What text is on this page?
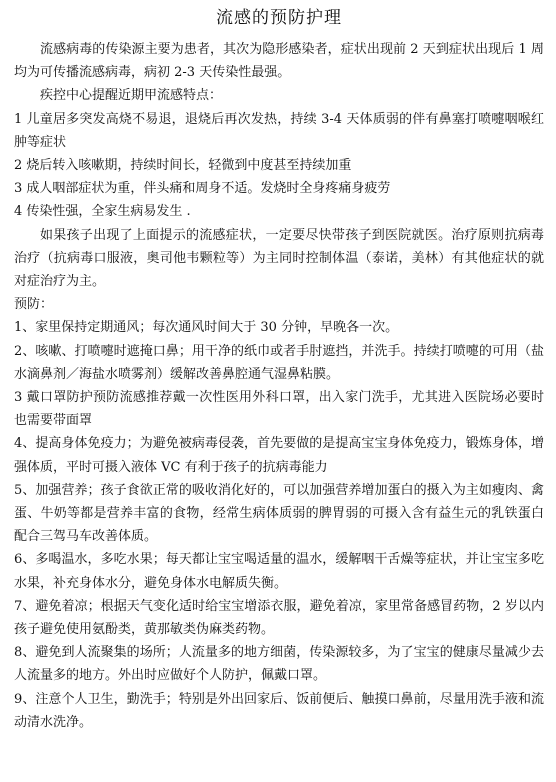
流感的预防护理

流感病毒的传染源主要为患者，其次为隐形感染者，症状出现前 2 天到症状出现后 1 周均为可传播流感病毒，病初 2-3 天传染性最强。

疾控中心提醒近期甲流感特点：

1 儿童居多突发高烧不易退，退烧后再次发热，持续 3-4 天体质弱的伴有鼻塞打喷嚏咽喉红肿等症状

2 烧后转入咳嗽期，持续时间长，轻微到中度甚至持续加重

3 成人咽部症状为重，伴头痛和周身不适。发烧时全身疼痛身疲劳

4 传染性强，全家生病易发生 .

如果孩子出现了上面提示的流感症状，一定要尽快带孩子到医院就医。治疗原则抗病毒治疗（抗病毒口服液，奥司他韦颗粒等）为主同时控制体温（泰诺，美林）有其他症状的就对症治疗为主。

预防：

1、家里保持定期通风；每次通风时间大于 30 分钟，早晚各一次。

2、咳嗽、打喷嚏时遮掩口鼻；用干净的纸巾或者手肘遮挡，并洗手。持续打喷嚏的可用（盐水滴鼻剂／海盐水喷雾剂）缓解改善鼻腔通气湿鼻粘膜。

3 戴口罩防护预防流感推荐戴一次性医用外科口罩，出入家门洗手，尤其进入医院场必要时也需要带面罩

4、提高身体免疫力；为避免被病毒侵袭，首先要做的是提高宝宝身体免疫力，锻炼身体，增强体质，平时可摄入液体 VC 有利于孩子的抗病毒能力

5、加强营养；孩子食欲正常的吸收消化好的，可以加强营养增加蛋白的摄入为主如瘦肉、禽蛋、牛奶等都是营养丰富的食物，经常生病体质弱的脾胃弱的可摄入含有益生元的乳铁蛋白配合三驾马车改善体质。

6、多喝温水，多吃水果；每天都让宝宝喝适量的温水，缓解咽干舌燥等症状，并让宝宝多吃水果，补充身体水分，避免身体水电解质失衡。

7、避免着凉；根据天气变化适时给宝宝增添衣服，避免着凉，家里常备感冒药物，2 岁以内孩子避免使用氨酚类，黄那敏类伪麻类药物。

8、避免到人流聚集的场所；人流量多的地方细菌，传染源较多，为了宝宝的健康尽量减少去人流量多的地方。外出时应做好个人防护，佩戴口罩。

9、注意个人卫生，勤洗手；特别是外出回家后、饭前便后、触摸口鼻前，尽量用洗手液和流动清水洗净。
